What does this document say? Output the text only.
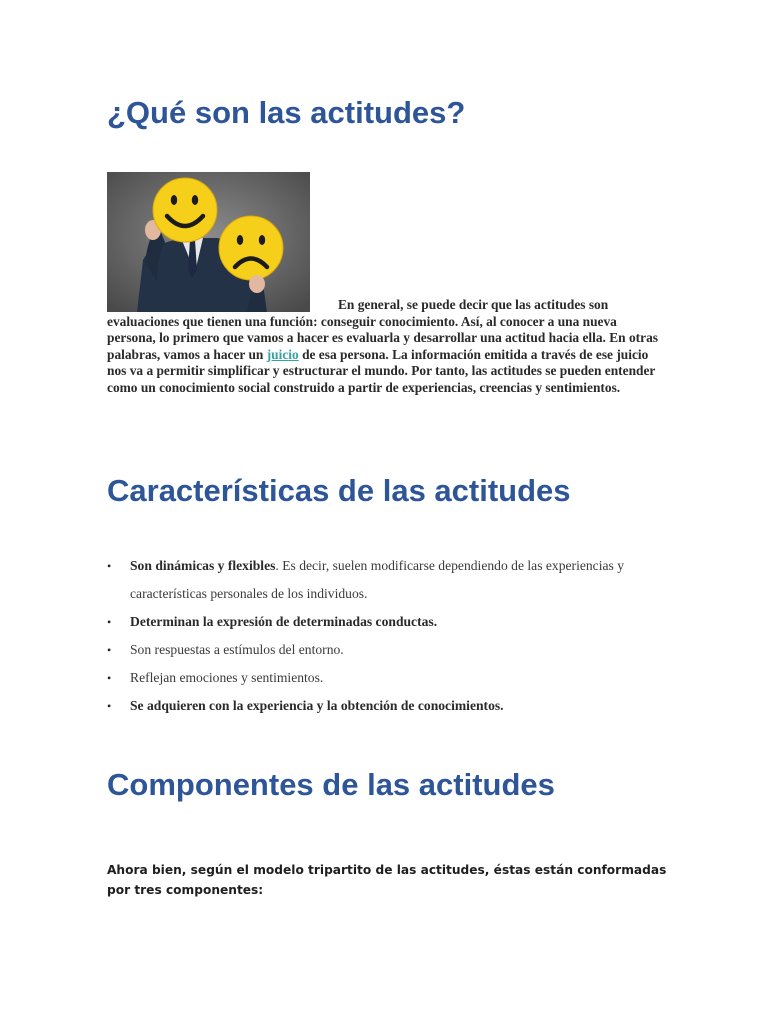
¿Qué son las actitudes?

En general, se puede decir que las actitudes son evaluaciones que tienen una función: conseguir conocimiento. Así, al conocer a una nueva persona, lo primero que vamos a hacer es evaluarla y desarrollar una actitud hacia ella. En otras palabras, vamos a hacer un juicio de esa persona. La información emitida a través de ese juicio nos va a permitir simplificar y estructurar el mundo. Por tanto, las actitudes se pueden entender como un conocimiento social construido a partir de experiencias, creencias y sentimientos.

Características de las actitudes
• Son dinámicas y flexibles. Es decir, suelen modificarse dependiendo de las experiencias y características personales de los individuos.
• Determinan la expresión de determinadas conductas.
• Son respuestas a estímulos del entorno.
• Reflejan emociones y sentimientos.
• Se adquieren con la experiencia y la obtención de conocimientos.
Componentes de las actitudes

Ahora bien, según el modelo tripartito de las actitudes, éstas están conformadas por tres componentes:
